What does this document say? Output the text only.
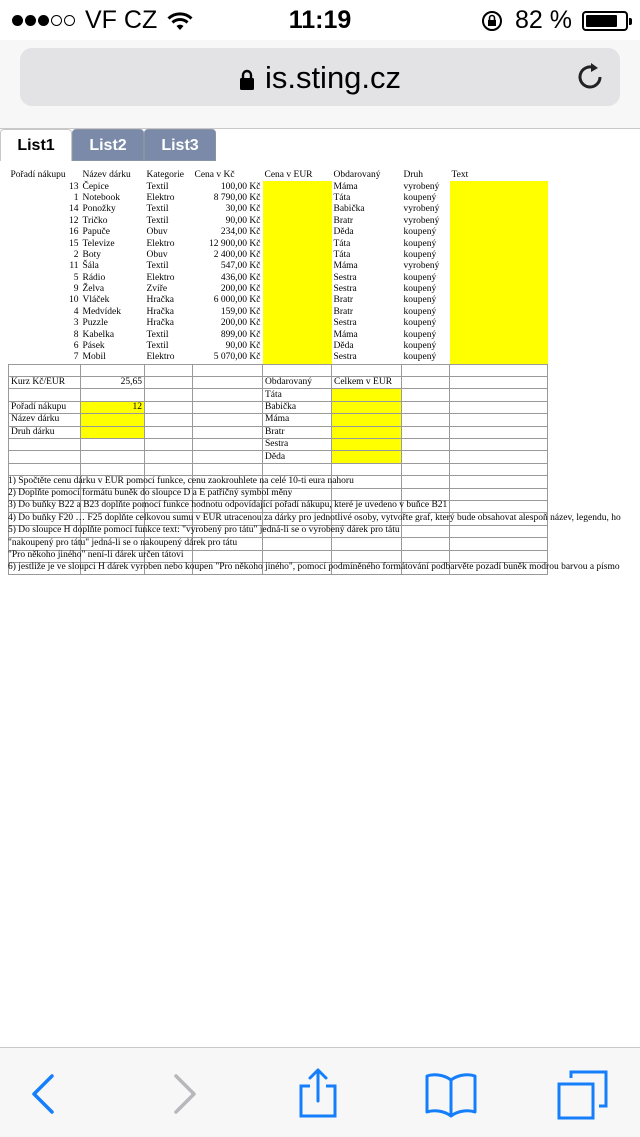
VF CZ	11:19	82 %
is.sting.cz
List1	List2	List3
Pořadí nákupu	Název dárku	Kategorie	Cena v Kč	Cena v EUR	Obdarovaný	Druh	Text
13	Čepice	Textil	100,00 Kč		Máma	vyrobený	
1	Notebook	Elektro	8 790,00 Kč		Táta	koupený	
14	Ponožky	Textil	30,00 Kč		Babička	vyrobený	
12	Tričko	Textil	90,00 Kč		Bratr	vyrobený	
16	Papuče	Obuv	234,00 Kč		Děda	koupený	
15	Televize	Elektro	12 900,00 Kč		Táta	koupený	
2	Boty	Obuv	2 400,00 Kč		Táta	koupený	
11	Šála	Textil	547,00 Kč		Máma	vyrobený	
5	Rádio	Elektro	436,00 Kč		Sestra	koupený	
9	Želva	Zvíře	200,00 Kč		Sestra	koupený	
10	Vláček	Hračka	6 000,00 Kč		Bratr	koupený	
4	Medvídek	Hračka	159,00 Kč		Bratr	koupený	
3	Puzzle	Hračka	200,00 Kč		Sestra	koupený	
8	Kabelka	Textil	899,00 Kč		Máma	koupený	
6	Pásek	Textil	90,00 Kč		Děda	koupený	
7	Mobil	Elektro	5 070,00 Kč		Sestra	koupený	

Kurz Kč/EUR	25,65			Obdarovaný	Celkem v EUR		
				Táta			
Pořadí nákupu	12			Babička			
Název dárku				Máma			
Druh dárku				Bratr			
				Sestra			
				Děda			

1) Spočtěte cenu dárku v EUR pomocí funkce, cenu zaokrouhlete na celé 10-ti eura nahoru
2) Doplňte pomocí formátu buněk do sloupce D a E patřičný symbol měny
3) Do buňky B22 a B23 doplňte pomocí funkce hodnotu odpovídající pořadí nákupu, které je uvedeno v buňce B21
4) Do buňky F20 … F25 doplňte celkovou sumu v EUR utracenou za dárky pro jednotlivé osoby, vytvořte graf, který bude obsahovat alespoň název, legendu, ho
5) Do sloupce H doplňte pomocí funkce text: "vyrobený pro tátu" jedná-li se o vyrobený dárek pro tátu
"nakoupený pro tátu" jedná-li se o nakoupený dárek pro tátu
"Pro někoho jiného" není-li dárek určen tátovi
6) jestliže je ve sloupci H dárek vyroben nebo koupen "Pro někoho jiného", pomocí podmíněného formátování podbarvěte pozadí buněk modrou barvou a písmo
